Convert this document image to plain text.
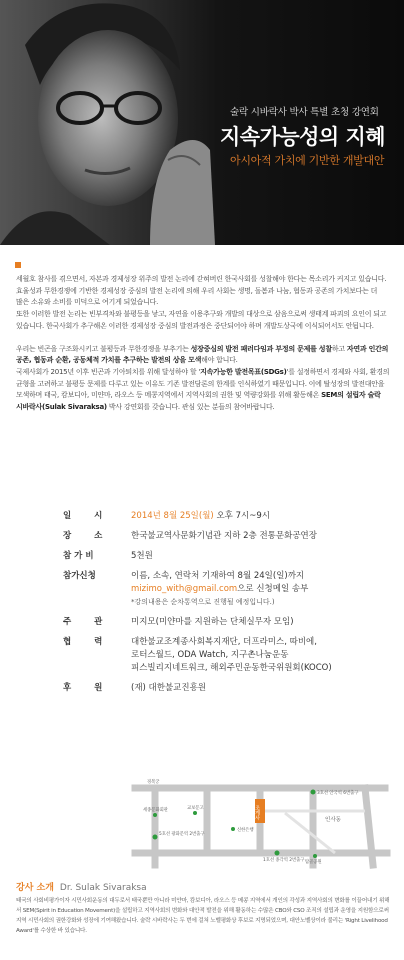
술락 시바락사 박사 특별 초청 강연회
지속가능성의 지혜
아시아적 가치에 기반한 개발대안

세월호 참사를 겪으면서, 자본과 경제성장 위주의 발전 논리에 갇혀버린 한국사회를 성찰해야 한다는 목소리가 커지고 있습니다. 효율성과 무한경쟁에 기반한 경제성장 중심의 발전 논리에 의해 우리 사회는 생명, 돌봄과 나눔, 협동과 공존의 가치보다는 더 많은 소유와 소비를 미덕으로 여기게 되었습니다.
또한 이러한 발전 논리는 빈부격차와 불평등을 낳고, 자연을 이용추구와 개발의 대상으로 삼음으로써 생태계 파괴의 요인이 되고 있습니다. 한국사회가 추구해온 이러한 경제성장 중심의 발전과정은 중단되어야 하며 개발도상국에 이식되어서도 안됩니다.

우리는 빈곤을 구조화시키고 불평등과 무한경쟁을 부추기는 성장중심의 발전 패러다임과 부정의 문제를 성찰하고 자연과 인간의 공존, 협동과 순환, 공동체적 가치를 추구하는 발전의 상을 모색해야 합니다.
국제사회가 2015년 이후 빈곤과 기아퇴치를 위해 달성하야 할 '지속가능한 발전목표(SDGs)'를 설정하면서 경제와 사회, 환경의 균형을 고려하고 불평등 문제를 다루고 있는 이유도 기존 발전담론의 한계를 인식하였기 때문입니다. 이에 탈성장의 발전대안을 모색하며 태국, 캄보디아, 미얀마, 라오스 등 메콩지역에서 지역사회의 권한 및 역량강화를 위해 활동해온 SEM의 설립자 술락 시바락사(Sulak Sivaraksa) 박사 강연회를 갖습니다. 관심 있는 분들의 참여바랍니다.

일 시	2014년 8월 25일(월) 오후 7시~9시
장 소	한국불교역사문화기념관 지하 2층 전통문화공연장
참 가 비	5천원
참가신청	이름, 소속, 연락처 기재하여 8월 24일(일)까지
mizimo_with@gmail.com으로 신청메일 송부
*강의내용은 순차통역으로 진행될 예정입니다.)
주 관	미지모(미얀마를 지원하는 단체실무자 모임)
협 력	대한불교조계종사회복지재단, 더프라미스, 따비에,
로터스월드, ODA Watch, 지구촌나눔운동
피스빌리지네트워크, 해외주민운동한국위원회(KOCO)
후 원	(재) 대한불교진흥원
조계사
경복궁
3호선 안국역 6번출구
인사동
5호선 광화문역 2번출구
세종문화회관	교보문고
신한은행
1호선 종각역 2번출구 탑골공원
강사 소개 Dr. Sulak Sivaraksa
태국의 사회비평가이자 시민사회운동의 대두로서 태국뿐만 아니라 미얀마, 캄보디아, 라오스 등 메콩 지역에서 개인의 각성과 지역사회의 변화를 이끌어내기 위해서 SEM(Spirit in Education Movement)을 설립하고 지역사회의 변화와 대안적 발전을 위해 활동하는 수많은 CBO와 CSO 조직의 설립과 운영을 지원함으로써 지역 시민사회의 권한강화와 성장에 기여해왔습니다. 술락 시바락사는 두 번에 걸쳐 노벨평화상 후보로 지명되었으며, 대안노벨상이라 불리는 'Right Livelihood Award'를 수상한 바 있습니다.
